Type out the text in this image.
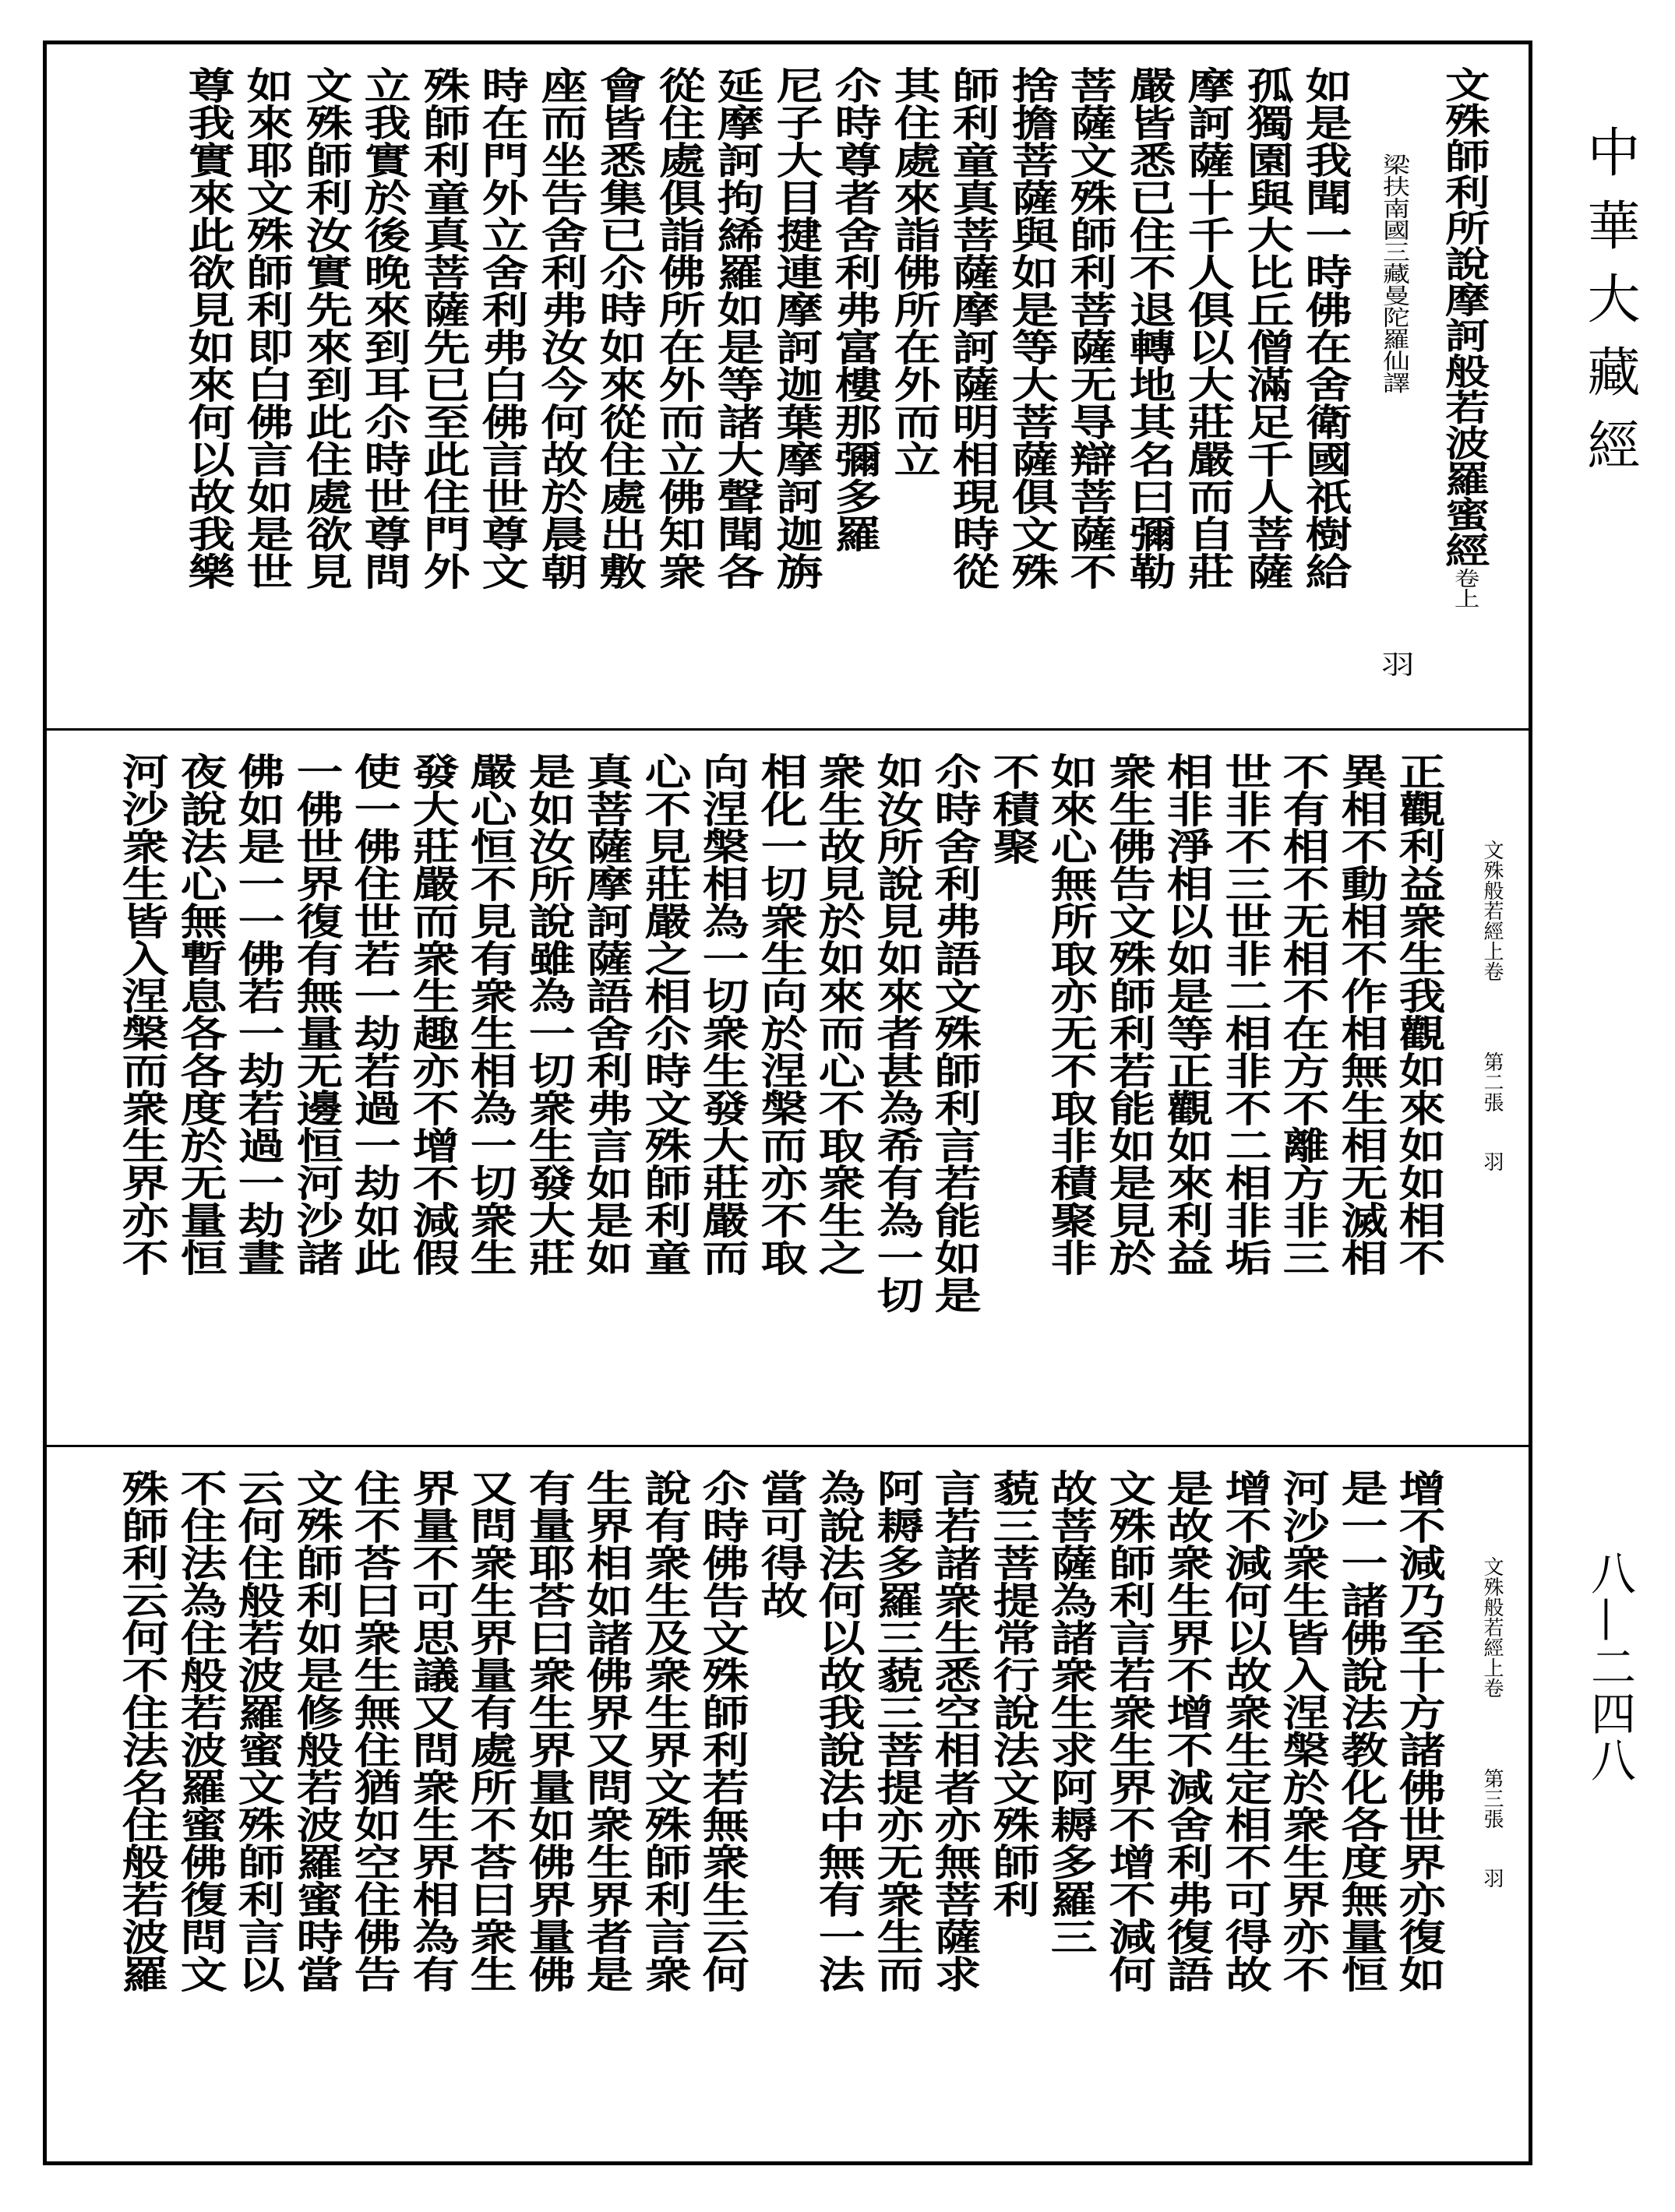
中華大藏經
八—二四八
文殊師利所說摩訶般若波羅蜜經卷上
梁扶南國三藏曼陀羅仙譯羽
如是我聞一時佛在舍衛國祇樹給
孤獨園與大比丘僧滿足千人菩薩
摩訶薩十千人俱以大莊嚴而自莊
嚴皆悉已住不退轉地其名曰彌勒
菩薩文殊師利菩薩无㝵辯菩薩不
捨擔菩薩與如是等大菩薩俱文殊
師利童真菩薩摩訶薩明相現時從
其住處來詣佛所在外而立
尒時尊者舍利弗富樓那彌多羅
尼子大目揵連摩訶迦葉摩訶迦旃
延摩訶拘絺羅如是等諸大聲聞各
從住處俱詣佛所在外而立佛知衆
會皆悉集已尒時如來從住處出敷
座而坐告舍利弗汝今何故於晨朝
時在門外立舍利弗白佛言世尊文
殊師利童真菩薩先已至此住門外
立我實於後晚來到耳尒時世尊問
文殊師利汝實先來到此住處欲見
如來耶文殊師利即白佛言如是世
尊我實來此欲見如來何以故我樂
文殊般若經上卷第二張羽
正觀利益衆生我觀如來如如相不
異相不動相不作相無生相无滅相
不有相不无相不在方不離方非三
世非不三世非二相非不二相非垢
相非淨相以如是等正觀如來利益
衆生佛告文殊師利若能如是見於
如來心無所取亦无不取非積聚非
不積聚
尒時舍利弗語文殊師利言若能如是
如汝所說見如來者甚為希有為一切
衆生故見於如來而心不取衆生之
相化一切衆生向於涅槃而亦不取
向涅槃相為一切衆生發大莊嚴而
心不見莊嚴之相尒時文殊師利童
真菩薩摩訶薩語舍利弗言如是如
是如汝所說雖為一切衆生發大莊
嚴心恒不見有衆生相為一切衆生
發大莊嚴而衆生趣亦不增不減假
使一佛住世若一劫若過一劫如此
一佛世界復有無量无邊恒河沙諸
佛如是一一佛若一劫若過一劫晝
夜說法心無暫息各各度於无量恒
河沙衆生皆入涅槃而衆生界亦不
文殊般若經上卷第三張羽
增不減乃至十方諸佛世界亦復如
是一一諸佛說法教化各度無量恒
河沙衆生皆入涅槃於衆生界亦不
增不減何以故衆生定相不可得故
是故衆生界不增不減舍利弗復語
文殊師利言若衆生界不增不減何
故菩薩為諸衆生求阿耨多羅三
藐三菩提常行說法文殊師利
言若諸衆生悉空相者亦無菩薩求
阿耨多羅三藐三菩提亦无衆生而
為說法何以故我說法中無有一法
當可得故
尒時佛告文殊師利若無衆生云何
說有衆生及衆生界文殊師利言衆
生界相如諸佛界又問衆生界者是
有量耶荅曰衆生界量如佛界量佛
又問衆生界量有處所不荅曰衆生
界量不可思議又問衆生界相為有
住不荅曰衆生無住猶如空住佛告
文殊師利如是修般若波羅蜜時當
云何住般若波羅蜜文殊師利言以
不住法為住般若波羅蜜佛復問文
殊師利云何不住法名住般若波羅
